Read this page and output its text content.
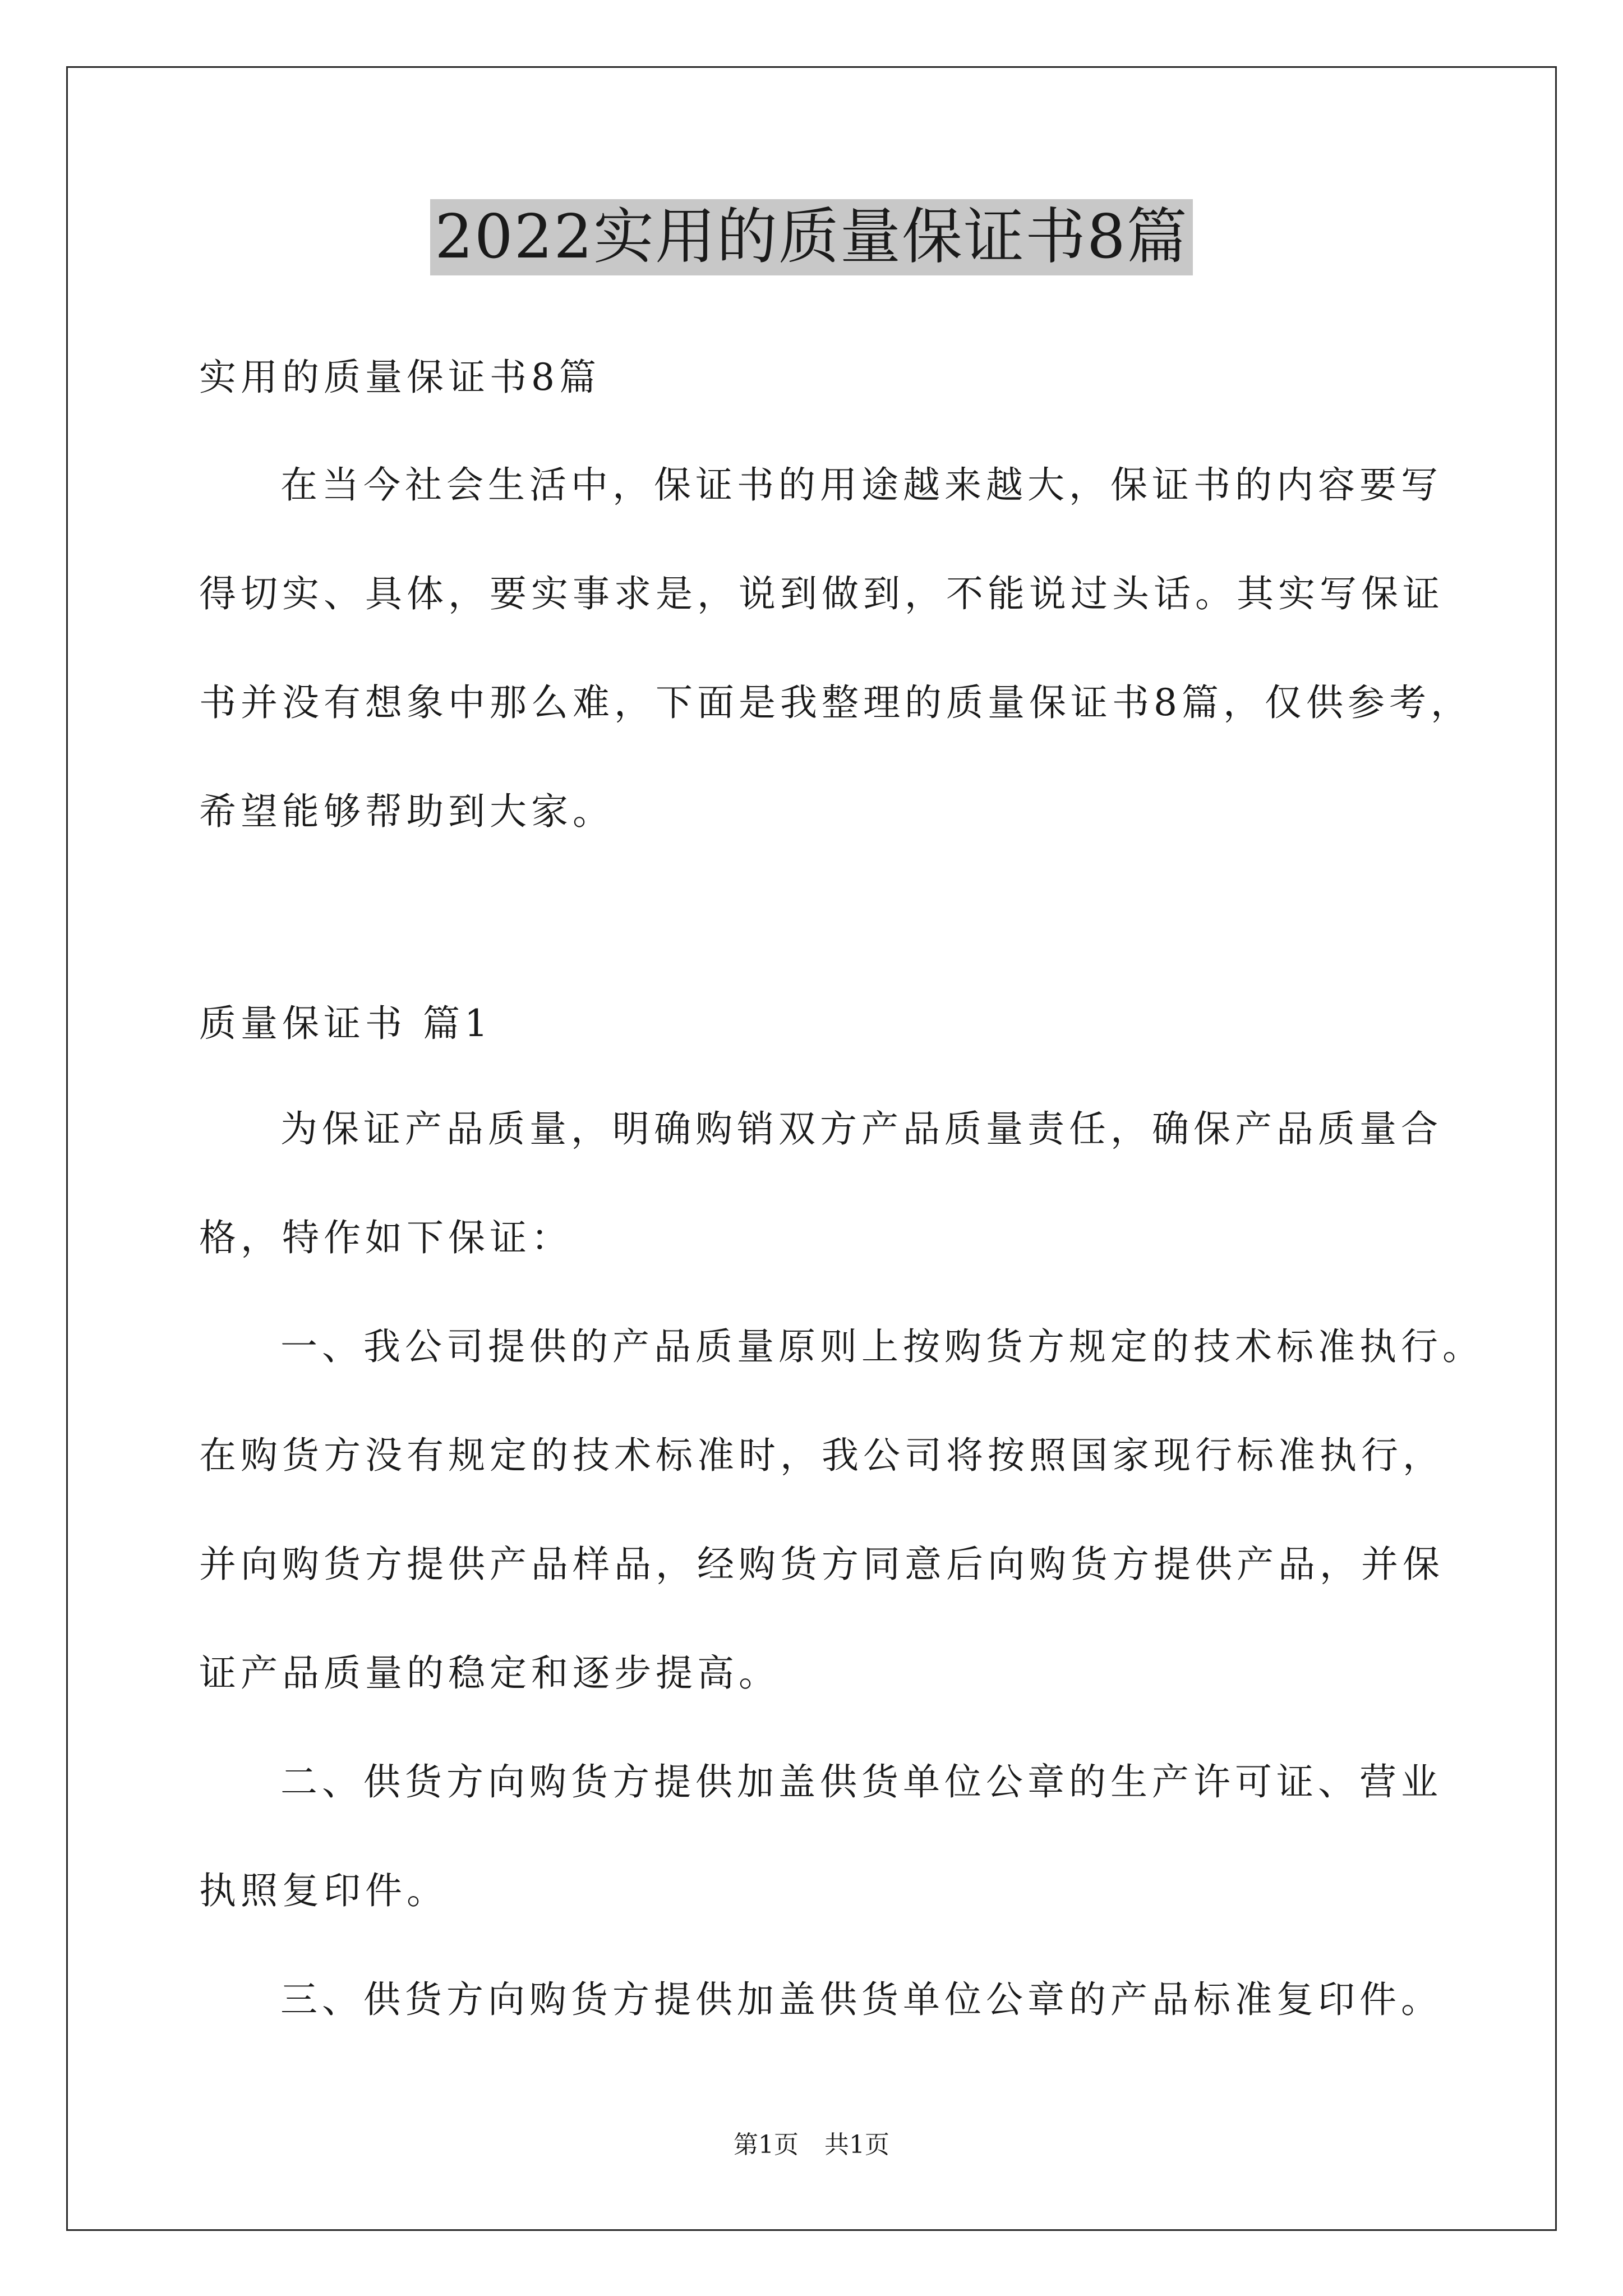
2022实用的质量保证书8篇
实用的质量保证书8篇
在当今社会生活中，保证书的用途越来越大，保证书的内容要写
得切实、具体，要实事求是，说到做到，不能说过头话。其实写保证
书并没有想象中那么难，下面是我整理的质量保证书8篇，仅供参考，
希望能够帮助到大家。
质量保证书 篇1
为保证产品质量，明确购销双方产品质量责任，确保产品质量合
格，特作如下保证：
一、我公司提供的产品质量原则上按购货方规定的技术标准执行。
在购货方没有规定的技术标准时，我公司将按照国家现行标准执行，
并向购货方提供产品样品，经购货方同意后向购货方提供产品，并保
证产品质量的稳定和逐步提高。
二、供货方向购货方提供加盖供货单位公章的生产许可证、营业
执照复印件。
三、供货方向购货方提供加盖供货单位公章的产品标准复印件。
第1页 共1页
